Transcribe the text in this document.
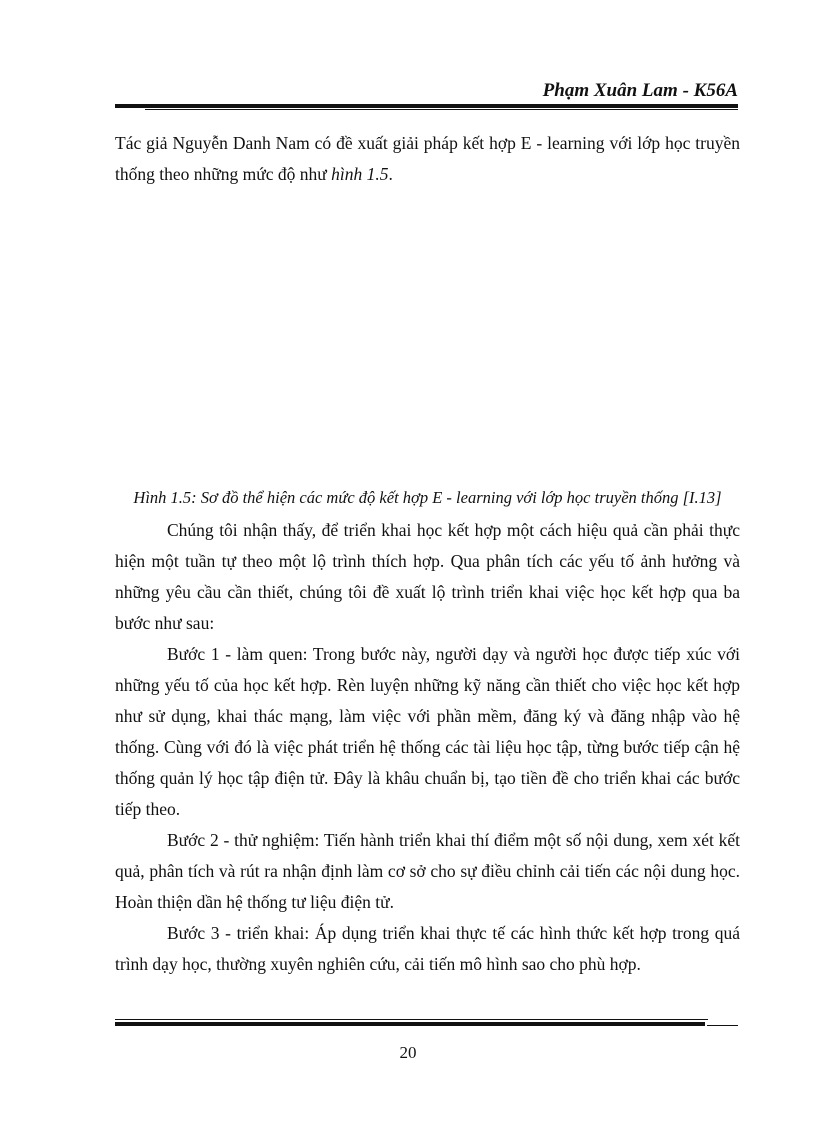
Phạm Xuân Lam - K56A
Tác giả Nguyễn Danh Nam có đề xuất giải pháp kết hợp E - learning với lớp học truyền thống theo những mức độ như hình 1.5.
Hình 1.5: Sơ đồ thể hiện các mức độ kết hợp E - learning với lớp học truyền thống [I.13]

Chúng tôi nhận thấy, để triển khai học kết hợp một cách hiệu quả cần phải thực hiện một tuần tự theo một lộ trình thích hợp. Qua phân tích các yếu tố ảnh hưởng và những yêu cầu cần thiết, chúng tôi đề xuất lộ trình triển khai việc học kết hợp qua ba bước như sau:

Bước 1 - làm quen: Trong bước này, người dạy và người học được tiếp xúc với những yếu tố của học kết hợp. Rèn luyện những kỹ năng cần thiết cho việc học kết hợp như sử dụng, khai thác mạng, làm việc với phần mềm, đăng ký và đăng nhập vào hệ thống. Cùng với đó là việc phát triển hệ thống các tài liệu học tập, từng bước tiếp cận hệ thống quản lý học tập điện tử. Đây là khâu chuẩn bị, tạo tiền đề cho triển khai các bước tiếp theo.

Bước 2 - thử nghiệm: Tiến hành triển khai thí điểm một số nội dung, xem xét kết quả, phân tích và rút ra nhận định làm cơ sở cho sự điều chỉnh cải tiến các nội dung học. Hoàn thiện dần hệ thống tư liệu điện tử.

Bước 3 - triển khai: Áp dụng triển khai thực tế các hình thức kết hợp trong quá trình dạy học, thường xuyên nghiên cứu, cải tiến mô hình sao cho phù hợp.

20
